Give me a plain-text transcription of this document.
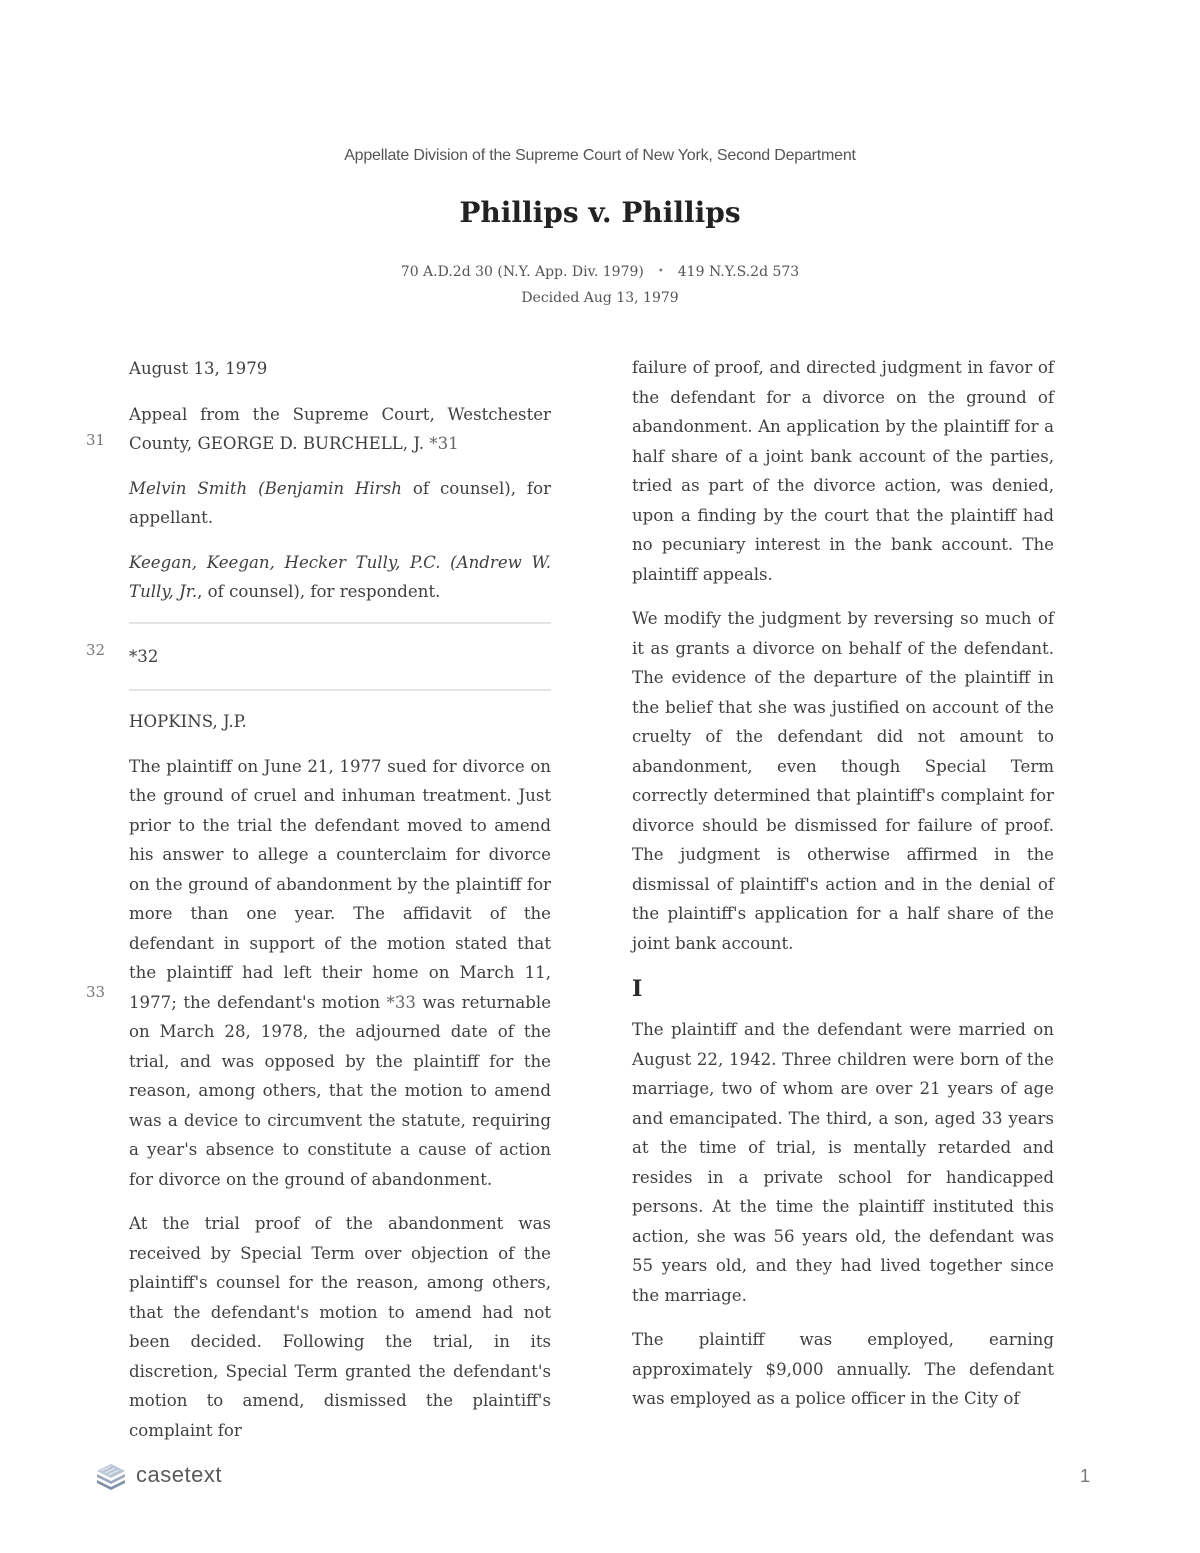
Appellate Division of the Supreme Court of New York, Second Department
Phillips v. Phillips
70 A.D.2d 30 (N.Y. App. Div. 1979) • 419 N.Y.S.2d 573
Decided Aug 13, 1979
31
32
33

August 13, 1979

Appeal from the Supreme Court, Westchester County, GEORGE D. BURCHELL, J. *31

Melvin Smith (Benjamin Hirsh of counsel), for appellant.

Keegan, Keegan, Hecker Tully, P.C. (Andrew W. Tully, Jr., of counsel), for respondent.

*32

HOPKINS, J.P.

The plaintiff on June 21, 1977 sued for divorce on the ground of cruel and inhuman treatment. Just prior to the trial the defendant moved to amend his answer to allege a counterclaim for divorce on the ground of abandonment by the plaintiff for more than one year. The affidavit of the defendant in support of the motion stated that the plaintiff had left their home on March 11, 1977; the defendant's motion *33 was returnable on March 28, 1978, the adjourned date of the trial, and was opposed by the plaintiff for the reason, among others, that the motion to amend was a device to circumvent the statute, requiring a year's absence to constitute a cause of action for divorce on the ground of abandonment.

At the trial proof of the abandonment was received by Special Term over objection of the plaintiff's counsel for the reason, among others, that the defendant's motion to amend had not been decided. Following the trial, in its discretion, Special Term granted the defendant's motion to amend, dismissed the plaintiff's complaint for

failure of proof, and directed judgment in favor of the defendant for a divorce on the ground of abandonment. An application by the plaintiff for a half share of a joint bank account of the parties, tried as part of the divorce action, was denied, upon a finding by the court that the plaintiff had no pecuniary interest in the bank account. The plaintiff appeals.

We modify the judgment by reversing so much of it as grants a divorce on behalf of the defendant. The evidence of the departure of the plaintiff in the belief that she was justified on account of the cruelty of the defendant did not amount to abandonment, even though Special Term correctly determined that plaintiff's complaint for divorce should be dismissed for failure of proof. The judgment is otherwise affirmed in the dismissal of plaintiff's action and in the denial of the plaintiff's application for a half share of the joint bank account.

I

The plaintiff and the defendant were married on August 22, 1942. Three children were born of the marriage, two of whom are over 21 years of age and emancipated. The third, a son, aged 33 years at the time of trial, is mentally retarded and resides in a private school for handicapped persons. At the time the plaintiff instituted this action, she was 56 years old, the defendant was 55 years old, and they had lived together since the marriage.

The plaintiff was employed, earning approximately $9,000 annually. The defendant was employed as a police officer in the City of

casetext	1
